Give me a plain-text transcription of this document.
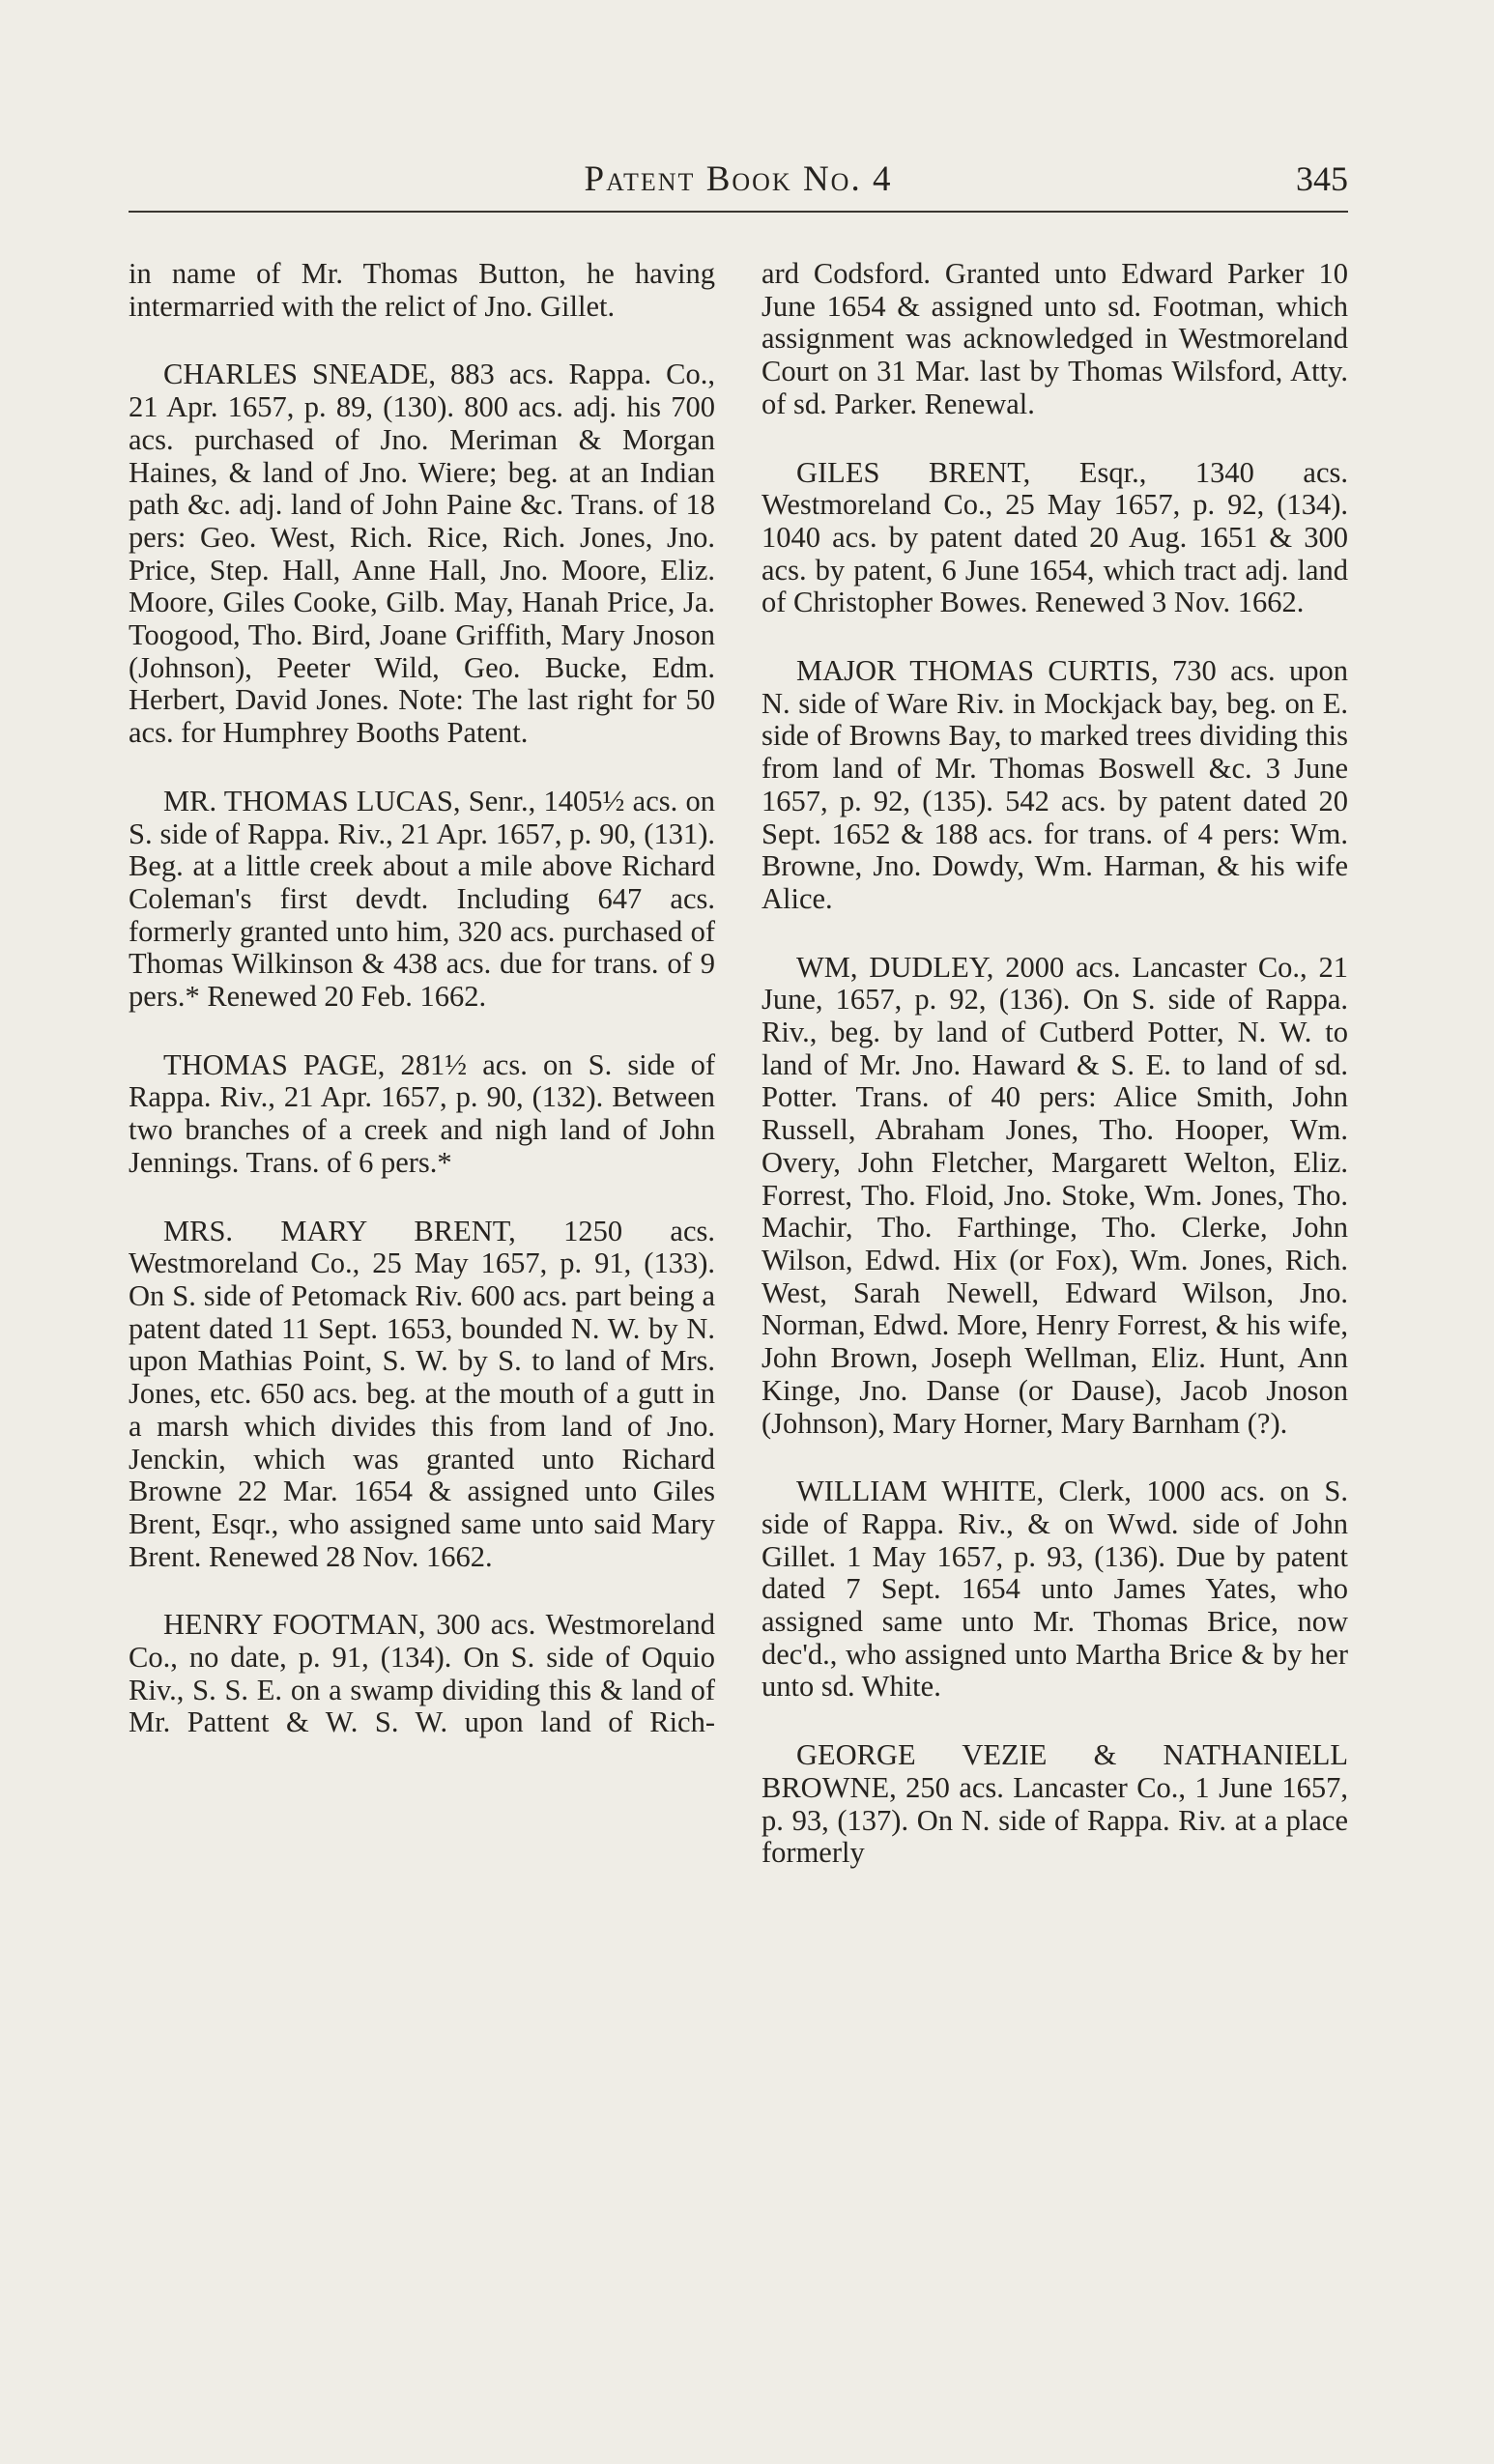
Patent Book No. 4	345

in name of Mr. Thomas Button, he having intermarried with the relict of Jno. Gillet.

CHARLES SNEADE, 883 acs. Rappa. Co., 21 Apr. 1657, p. 89, (130). 800 acs. adj. his 700 acs. purchased of Jno. Meriman & Morgan Haines, & land of Jno. Wiere; beg. at an Indian path &c. adj. land of John Paine &c. Trans. of 18 pers: Geo. West, Rich. Rice, Rich. Jones, Jno. Price, Step. Hall, Anne Hall, Jno. Moore, Eliz. Moore, Giles Cooke, Gilb. May, Hanah Price, Ja. Toogood, Tho. Bird, Joane Griffith, Mary Jnoson (Johnson), Peeter Wild, Geo. Bucke, Edm. Herbert, David Jones. Note: The last right for 50 acs. for Humphrey Booths Patent.

MR. THOMAS LUCAS, Senr., 1405½ acs. on S. side of Rappa. Riv., 21 Apr. 1657, p. 90, (131). Beg. at a little creek about a mile above Richard Coleman's first devdt. Including 647 acs. formerly granted unto him, 320 acs. purchased of Thomas Wilkinson & 438 acs. due for trans. of 9 pers.* Renewed 20 Feb. 1662.

THOMAS PAGE, 281½ acs. on S. side of Rappa. Riv., 21 Apr. 1657, p. 90, (132). Between two branches of a creek and nigh land of John Jennings. Trans. of 6 pers.*

MRS. MARY BRENT, 1250 acs. Westmoreland Co., 25 May 1657, p. 91, (133). On S. side of Petomack Riv. 600 acs. part being a patent dated 11 Sept. 1653, bounded N. W. by N. upon Mathias Point, S. W. by S. to land of Mrs. Jones, etc. 650 acs. beg. at the mouth of a gutt in a marsh which divides this from land of Jno. Jenckin, which was granted unto Richard Browne 22 Mar. 1654 & assigned unto Giles Brent, Esqr., who assigned same unto said Mary Brent. Renewed 28 Nov. 1662.

HENRY FOOTMAN, 300 acs. Westmoreland Co., no date, p. 91, (134). On S. side of Oquio Riv., S. S. E. on a swamp dividing this & land of Mr. Pattent & W. S. W. upon land of Rich-

ard Codsford. Granted unto Edward Parker 10 June 1654 & assigned unto sd. Footman, which assignment was acknowledged in Westmoreland Court on 31 Mar. last by Thomas Wilsford, Atty. of sd. Parker. Renewal.

GILES BRENT, Esqr., 1340 acs. Westmoreland Co., 25 May 1657, p. 92, (134). 1040 acs. by patent dated 20 Aug. 1651 & 300 acs. by patent, 6 June 1654, which tract adj. land of Christopher Bowes. Renewed 3 Nov. 1662.

MAJOR THOMAS CURTIS, 730 acs. upon N. side of Ware Riv. in Mockjack bay, beg. on E. side of Browns Bay, to marked trees dividing this from land of Mr. Thomas Boswell &c. 3 June 1657, p. 92, (135). 542 acs. by patent dated 20 Sept. 1652 & 188 acs. for trans. of 4 pers: Wm. Browne, Jno. Dowdy, Wm. Harman, & his wife Alice.

WM, DUDLEY, 2000 acs. Lancaster Co., 21 June, 1657, p. 92, (136). On S. side of Rappa. Riv., beg. by land of Cutberd Potter, N. W. to land of Mr. Jno. Haward & S. E. to land of sd. Potter. Trans. of 40 pers: Alice Smith, John Russell, Abraham Jones, Tho. Hooper, Wm. Overy, John Fletcher, Margarett Welton, Eliz. Forrest, Tho. Floid, Jno. Stoke, Wm. Jones, Tho. Machir, Tho. Farthinge, Tho. Clerke, John Wilson, Edwd. Hix (or Fox), Wm. Jones, Rich. West, Sarah Newell, Edward Wilson, Jno. Norman, Edwd. More, Henry Forrest, & his wife, John Brown, Joseph Wellman, Eliz. Hunt, Ann Kinge, Jno. Danse (or Dause), Jacob Jnoson (Johnson), Mary Horner, Mary Barnham (?).

WILLIAM WHITE, Clerk, 1000 acs. on S. side of Rappa. Riv., & on Wwd. side of John Gillet. 1 May 1657, p. 93, (136). Due by patent dated 7 Sept. 1654 unto James Yates, who assigned same unto Mr. Thomas Brice, now dec'd., who assigned unto Martha Brice & by her unto sd. White.

GEORGE VEZIE & NATHANIELL BROWNE, 250 acs. Lancaster Co., 1 June 1657, p. 93, (137). On N. side of Rappa. Riv. at a place formerly
